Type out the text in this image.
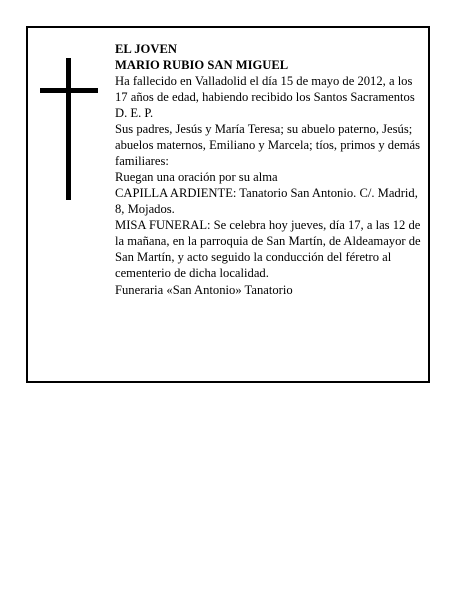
EL JOVEN

MARIO RUBIO SAN MIGUEL

Ha fallecido en Valladolid el día 15 de mayo de 2012, a los 17 años de edad, habiendo recibido los Santos Sacramentos

D. E. P.

Sus padres, Jesús y María Teresa; su abuelo paterno, Jesús; abuelos maternos, Emiliano y Marcela; tíos, primos y demás familiares:

Ruegan una oración por su alma

CAPILLA ARDIENTE: Tanatorio San Antonio. C/. Madrid, 8, Mojados.

MISA FUNERAL: Se celebra hoy jueves, día 17, a las 12 de la mañana, en la parroquia de San Martín, de Aldeamayor de San Martín, y acto seguido la conducción del féretro al cementerio de dicha localidad.

Funeraria «San Antonio» Tanatorio
